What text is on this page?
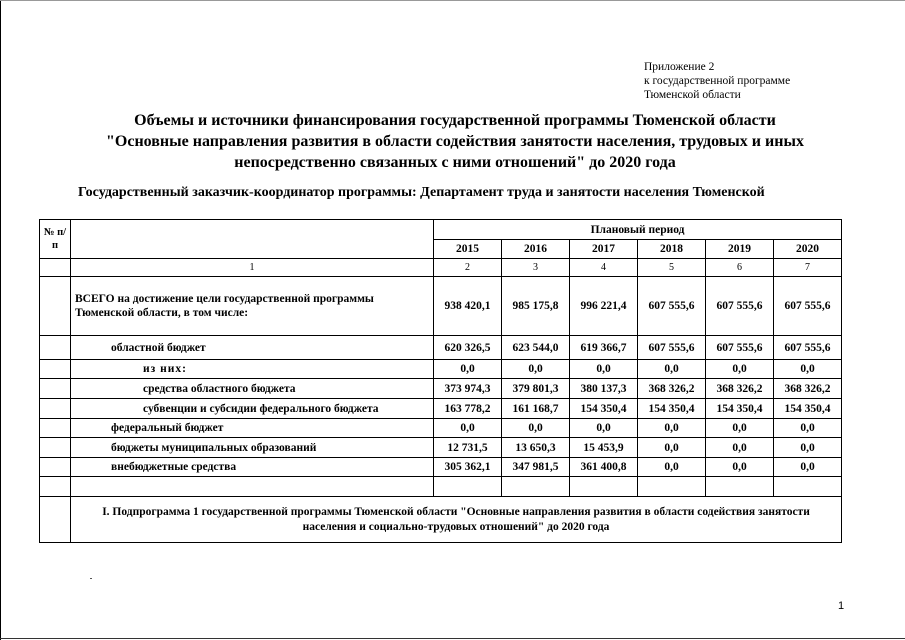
Приложение 2
к государственной программе
Тюменской области
Объемы и источники финансирования государственной программы Тюменской области
"Основные направления развития в области содействия занятости населения, трудовых и иных
непосредственно связанных с ними отношений" до 2020 года
Государственный заказчик-координатор программы: Департамент труда и занятости населения Тюменской
№ п/п		Плановый период					
		2015	2016	2017	2018	2019	2020
	1	2	3	4	5	6	7
	ВСЕГО на достижение цели государственной программы Тюменской области, в том числе:	938 420,1	985 175,8	996 221,4	607 555,6	607 555,6	607 555,6
	областной бюджет	620 326,5	623 544,0	619 366,7	607 555,6	607 555,6	607 555,6
	из них:	0,0	0,0	0,0	0,0	0,0	0,0
	средства областного бюджета	373 974,3	379 801,3	380 137,3	368 326,2	368 326,2	368 326,2
	субвенции и субсидии федерального бюджета	163 778,2	161 168,7	154 350,4	154 350,4	154 350,4	154 350,4
	федеральный бюджет	0,0	0,0	0,0	0,0	0,0	0,0
	бюджеты муниципальных образований	12 731,5	13 650,3	15 453,9	0,0	0,0	0,0
	внебюджетные средства	305 362,1	347 981,5	361 400,8	0,0	0,0	0,0

	I. Подпрограмма 1 государственной программы Тюменской области "Основные направления развития в области содействия занятости населения и социально-трудовых отношений" до 2020 года						
1
